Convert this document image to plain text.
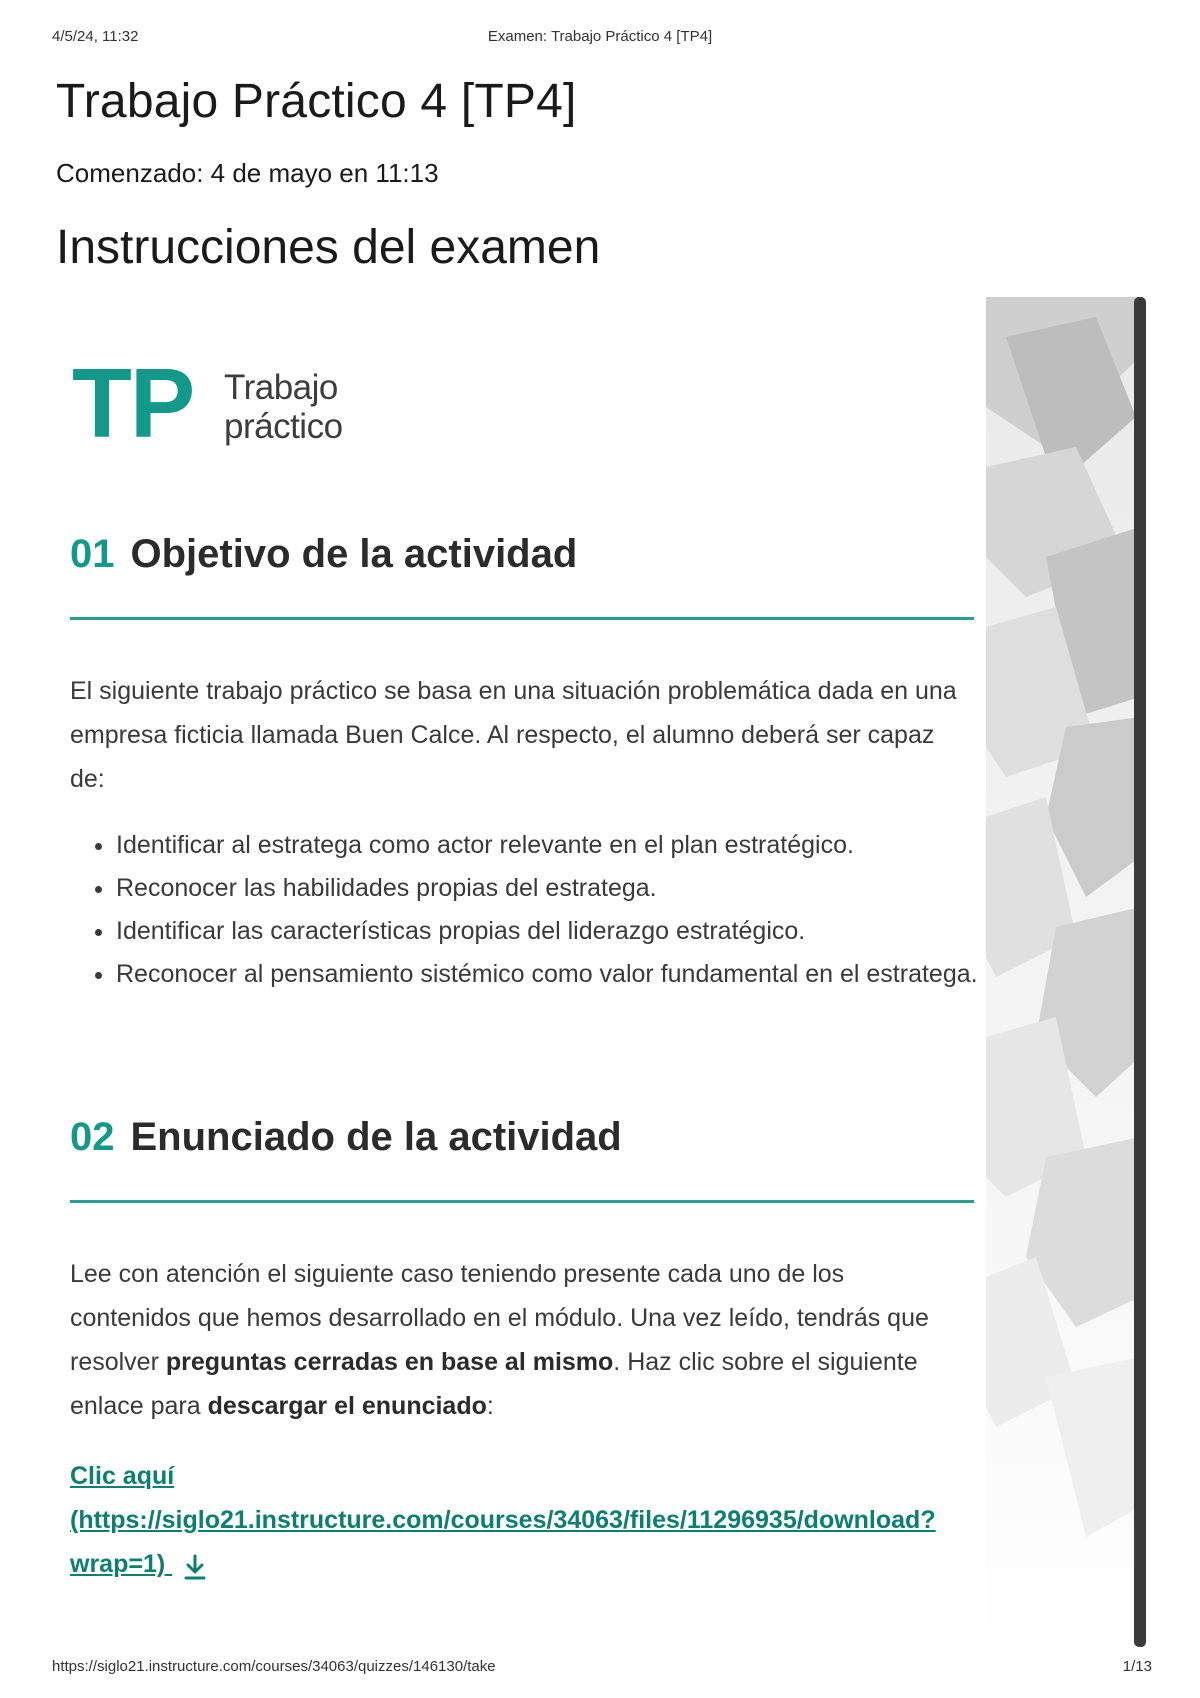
4/5/24, 11:32	Examen: Trabajo Práctico 4 [TP4]
Trabajo Práctico 4 [TP4]
Comenzado: 4 de mayo en 11:13
Instrucciones del examen
TP Trabajo
práctico
01 Objetivo de la actividad
El siguiente trabajo práctico se basa en una situación problemática dada en una empresa ficticia llamada Buen Calce. Al respecto, el alumno deberá ser capaz de:
• Identificar al estratega como actor relevante en el plan estratégico.
• Reconocer las habilidades propias del estratega.
• Identificar las características propias del liderazgo estratégico.
• Reconocer al pensamiento sistémico como valor fundamental en el estratega.
02 Enunciado de la actividad
Lee con atención el siguiente caso teniendo presente cada uno de los contenidos que hemos desarrollado en el módulo. Una vez leído, tendrás que resolver preguntas cerradas en base al mismo. Haz clic sobre el siguiente enlace para descargar el enunciado:
Clic aquí
(https://siglo21.instructure.com/courses/34063/files/11296935/download?wrap=1)
https://siglo21.instructure.com/courses/34063/quizzes/146130/take	1/13
